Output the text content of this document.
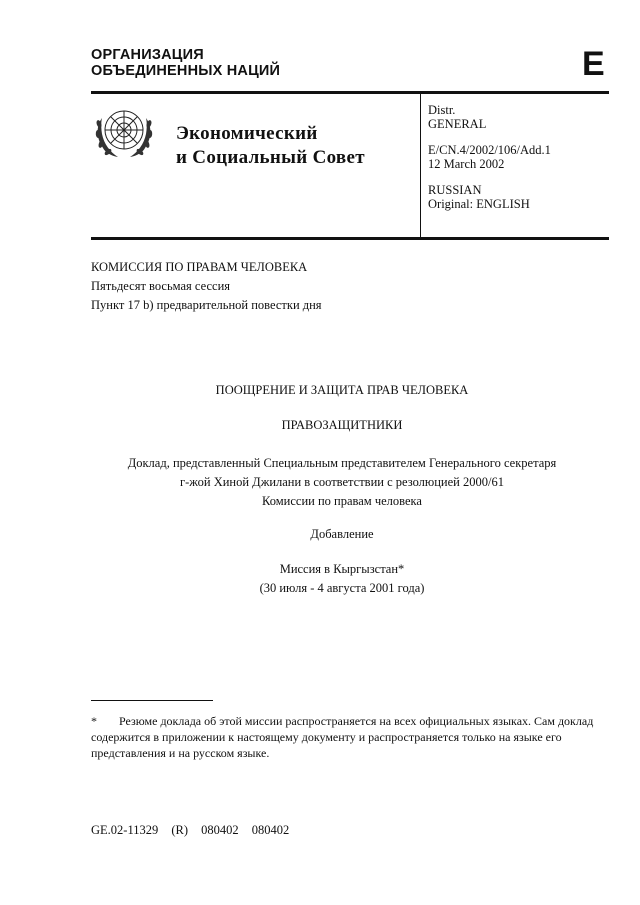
ОРГАНИЗАЦИЯ
ОБЪЕДИНЕННЫХ НАЦИЙ	E
Экономический
и Социальный Совет
Distr.
GENERAL
E/CN.4/2002/106/Add.1
12 March 2002
RUSSIAN
Original: ENGLISH
КОМИССИЯ ПО ПРАВАМ ЧЕЛОВЕКА
Пятьдесят восьмая сессия
Пункт 17 b) предварительной повестки дня
ПООЩРЕНИЕ И ЗАЩИТА ПРАВ ЧЕЛОВЕКА
ПРАВОЗАЩИТНИКИ
Доклад, представленный Специальным представителем Генерального секретаря
г-жой Хиной Джилани в соответствии с резолюцией 2000/61
Комиссии по правам человека
Добавление
Миссия в Кыргызстан*
(30 июля - 4 августа 2001 года)
* Резюме доклада об этой миссии распространяется на всех официальных языках. Сам доклад содержится в приложении к настоящему документу и распространяется только на языке его представления и на русском языке.
GE.02-11329 (R) 080402 080402
